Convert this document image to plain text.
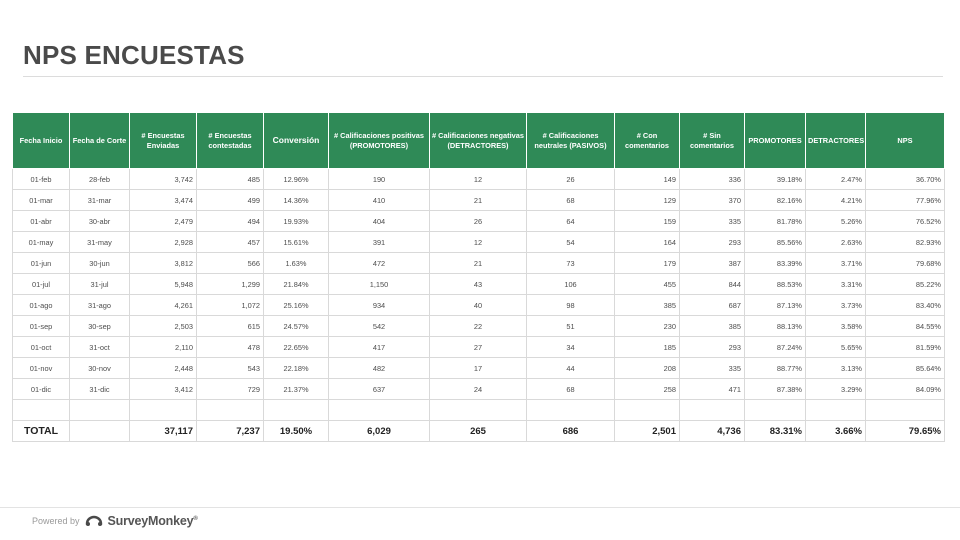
NPS ENCUESTAS
Fecha Inicio	Fecha de Corte	# Encuestas Enviadas	# Encuestas contestadas	Conversión	# Calificaciones positivas (PROMOTORES)	# Calificaciones negativas (DETRACTORES)	# Calificaciones neutrales (PASIVOS)	# Con comentarios	# Sin comentarios	PROMOTORES	DETRACTORES	NPS
01-feb	28-feb	3,742	485	12.96%	190	12	26	149	336	39.18%	2.47%	36.70%
01-mar	31-mar	3,474	499	14.36%	410	21	68	129	370	82.16%	4.21%	77.96%
01-abr	30-abr	2,479	494	19.93%	404	26	64	159	335	81.78%	5.26%	76.52%
01-may	31-may	2,928	457	15.61%	391	12	54	164	293	85.56%	2.63%	82.93%
01-jun	30-jun	3,812	566	1.63%	472	21	73	179	387	83.39%	3.71%	79.68%
01-jul	31-jul	5,948	1,299	21.84%	1,150	43	106	455	844	88.53%	3.31%	85.22%
01-ago	31-ago	4,261	1,072	25.16%	934	40	98	385	687	87.13%	3.73%	83.40%
01-sep	30-sep	2,503	615	24.57%	542	22	51	230	385	88.13%	3.58%	84.55%
01-oct	31-oct	2,110	478	22.65%	417	27	34	185	293	87.24%	5.65%	81.59%
01-nov	30-nov	2,448	543	22.18%	482	17	44	208	335	88.77%	3.13%	85.64%
01-dic	31-dic	3,412	729	21.37%	637	24	68	258	471	87.38%	3.29%	84.09%

TOTAL		37,117	7,237	19.50%	6,029	265	686	2,501	4,736	83.31%	3.66%	79.65%
Powered by SurveyMonkey®
